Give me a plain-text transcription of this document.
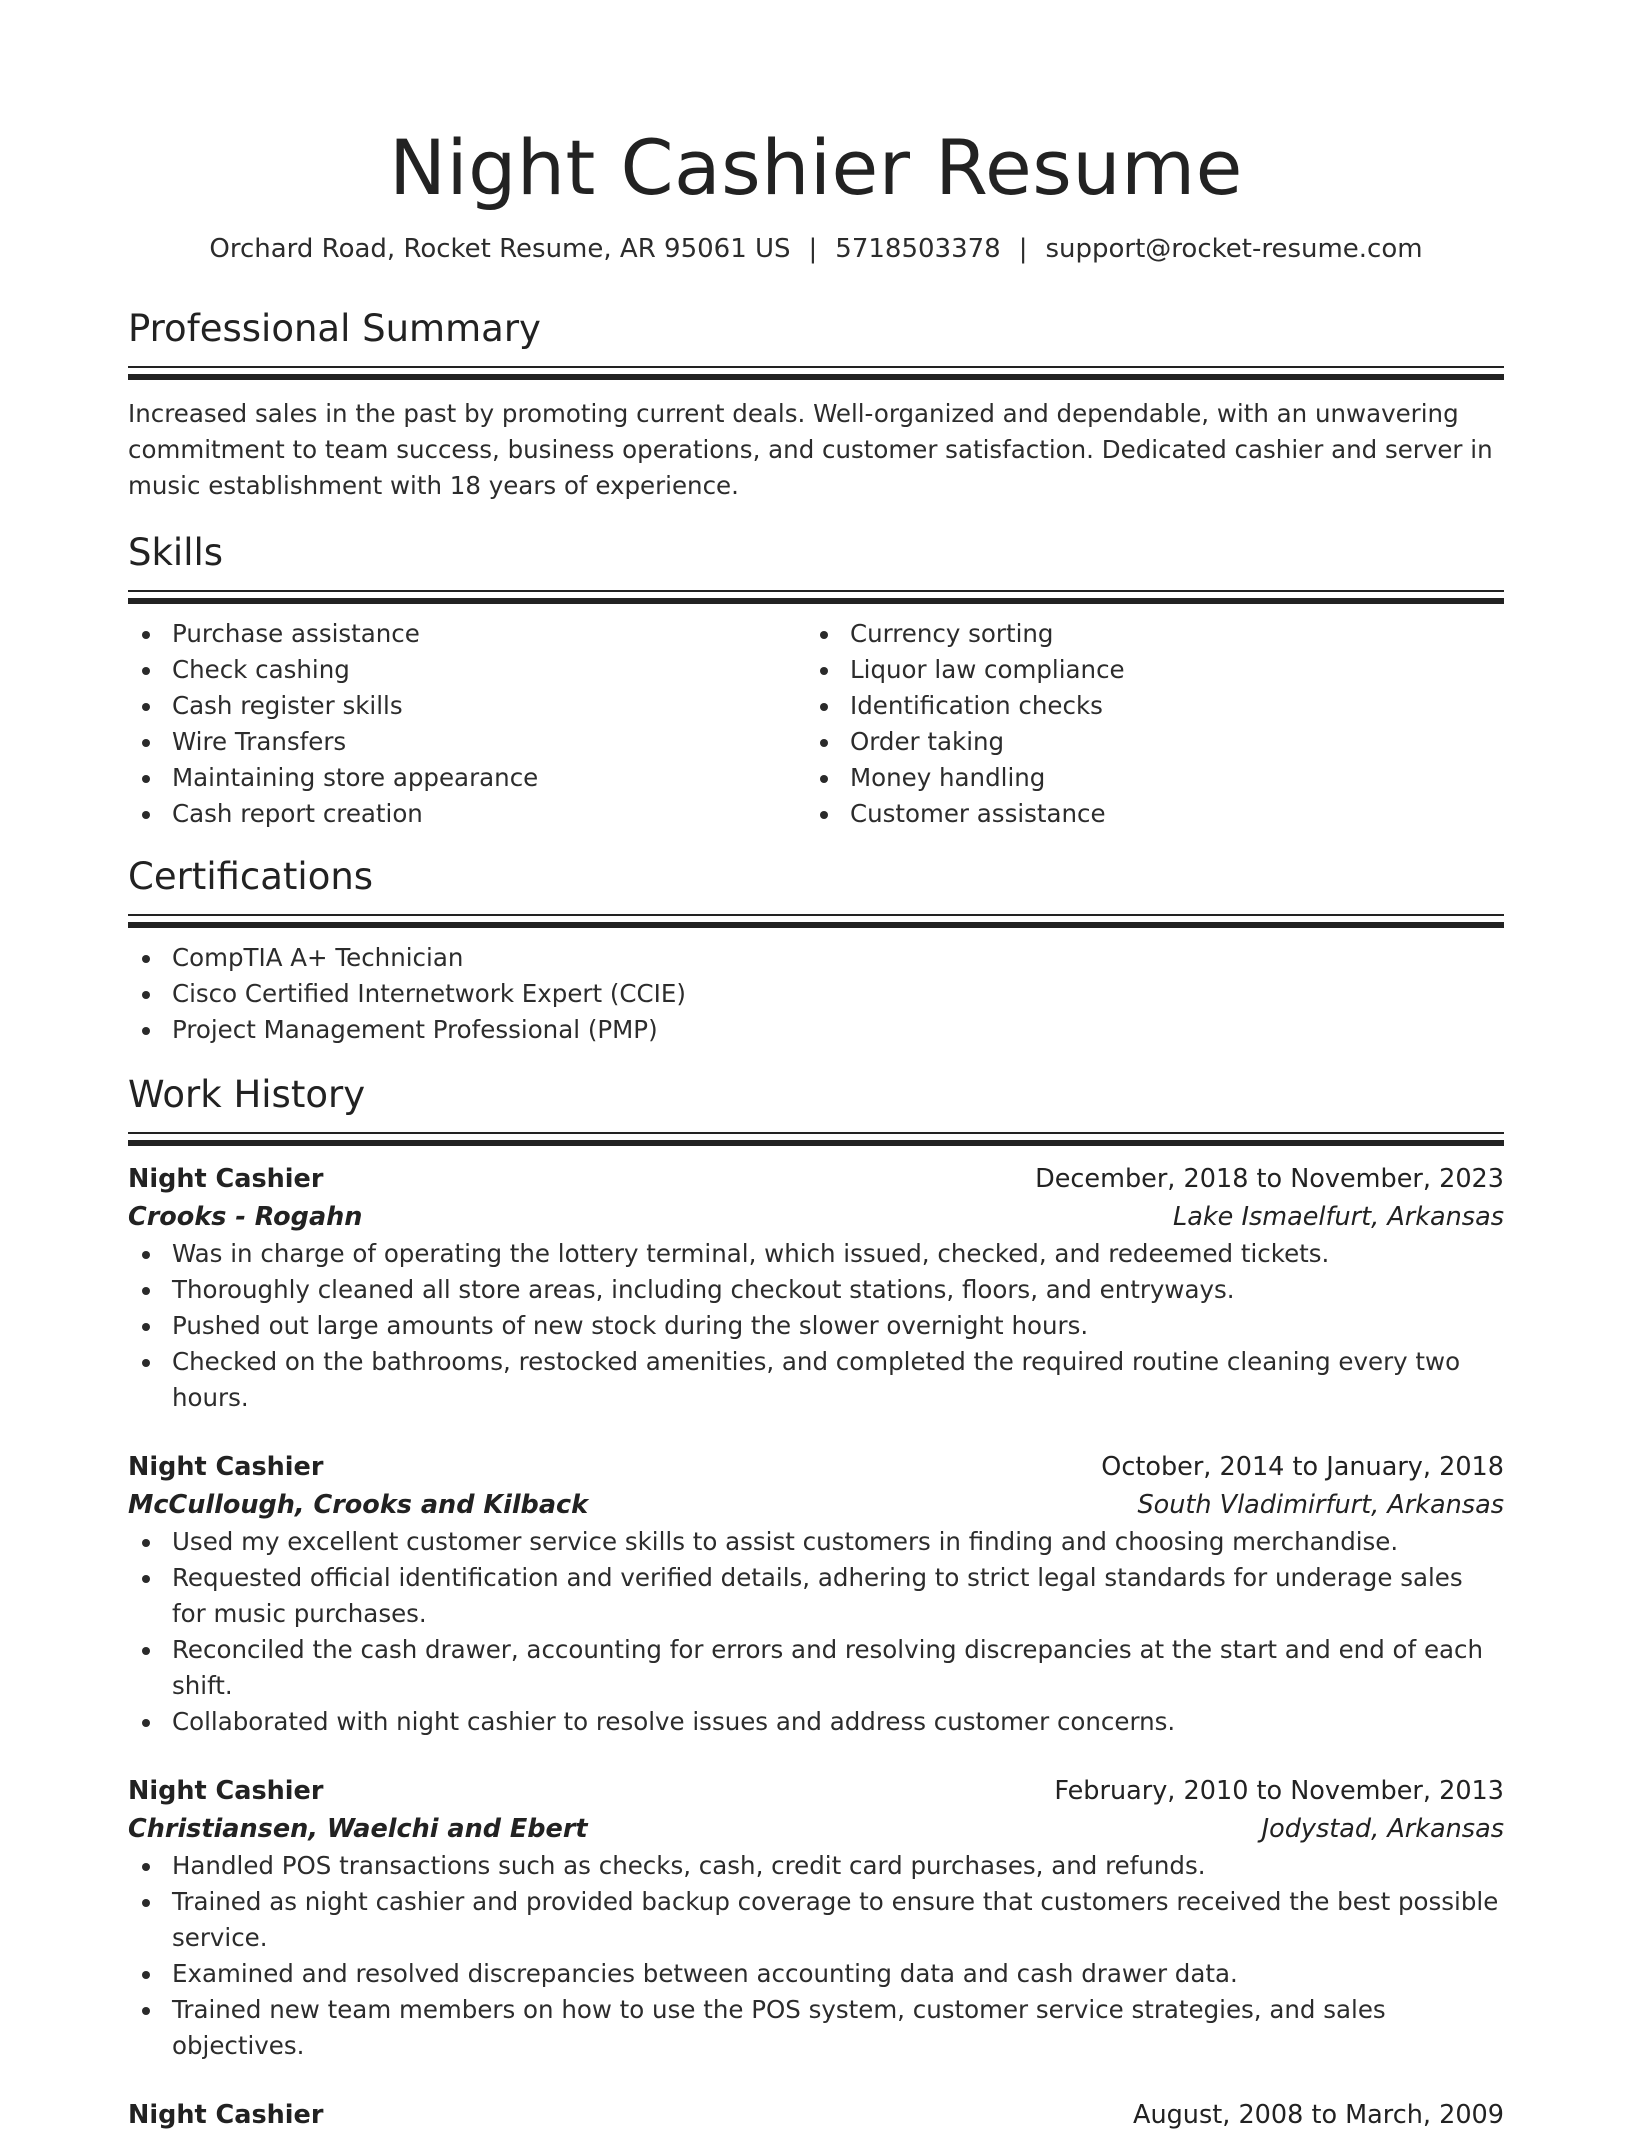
Night Cashier Resume
Orchard Road, Rocket Resume, AR 95061 US | 5718503378 | support@rocket-resume.com
Professional Summary
Increased sales in the past by promoting current deals. Well-organized and dependable, with an unwavering commitment to team success, business operations, and customer satisfaction. Dedicated cashier and server in music establishment with 18 years of experience.
Skills
Purchase assistance
Check cashing
Cash register skills
Wire Transfers
Maintaining store appearance
Cash report creation
Currency sorting
Liquor law compliance
Identification checks
Order taking
Money handling
Customer assistance
Certifications
CompTIA A+ Technician
Cisco Certified Internetwork Expert (CCIE)
Project Management Professional (PMP)
Work History
Night Cashier	December, 2018 to November, 2023
Crooks - Rogahn	Lake Ismaelfurt, Arkansas
Was in charge of operating the lottery terminal, which issued, checked, and redeemed tickets.
Thoroughly cleaned all store areas, including checkout stations, floors, and entryways.
Pushed out large amounts of new stock during the slower overnight hours.
Checked on the bathrooms, restocked amenities, and completed the required routine cleaning every two hours.
Night Cashier	October, 2014 to January, 2018
McCullough, Crooks and Kilback	South Vladimirfurt, Arkansas
Used my excellent customer service skills to assist customers in finding and choosing merchandise.
Requested official identification and verified details, adhering to strict legal standards for underage sales for music purchases.
Reconciled the cash drawer, accounting for errors and resolving discrepancies at the start and end of each shift.
Collaborated with night cashier to resolve issues and address customer concerns.
Night Cashier	February, 2010 to November, 2013
Christiansen, Waelchi and Ebert	Jodystad, Arkansas
Handled POS transactions such as checks, cash, credit card purchases, and refunds.
Trained as night cashier and provided backup coverage to ensure that customers received the best possible service.
Examined and resolved discrepancies between accounting data and cash drawer data.
Trained new team members on how to use the POS system, customer service strategies, and sales objectives.
Night Cashier	August, 2008 to March, 2009
